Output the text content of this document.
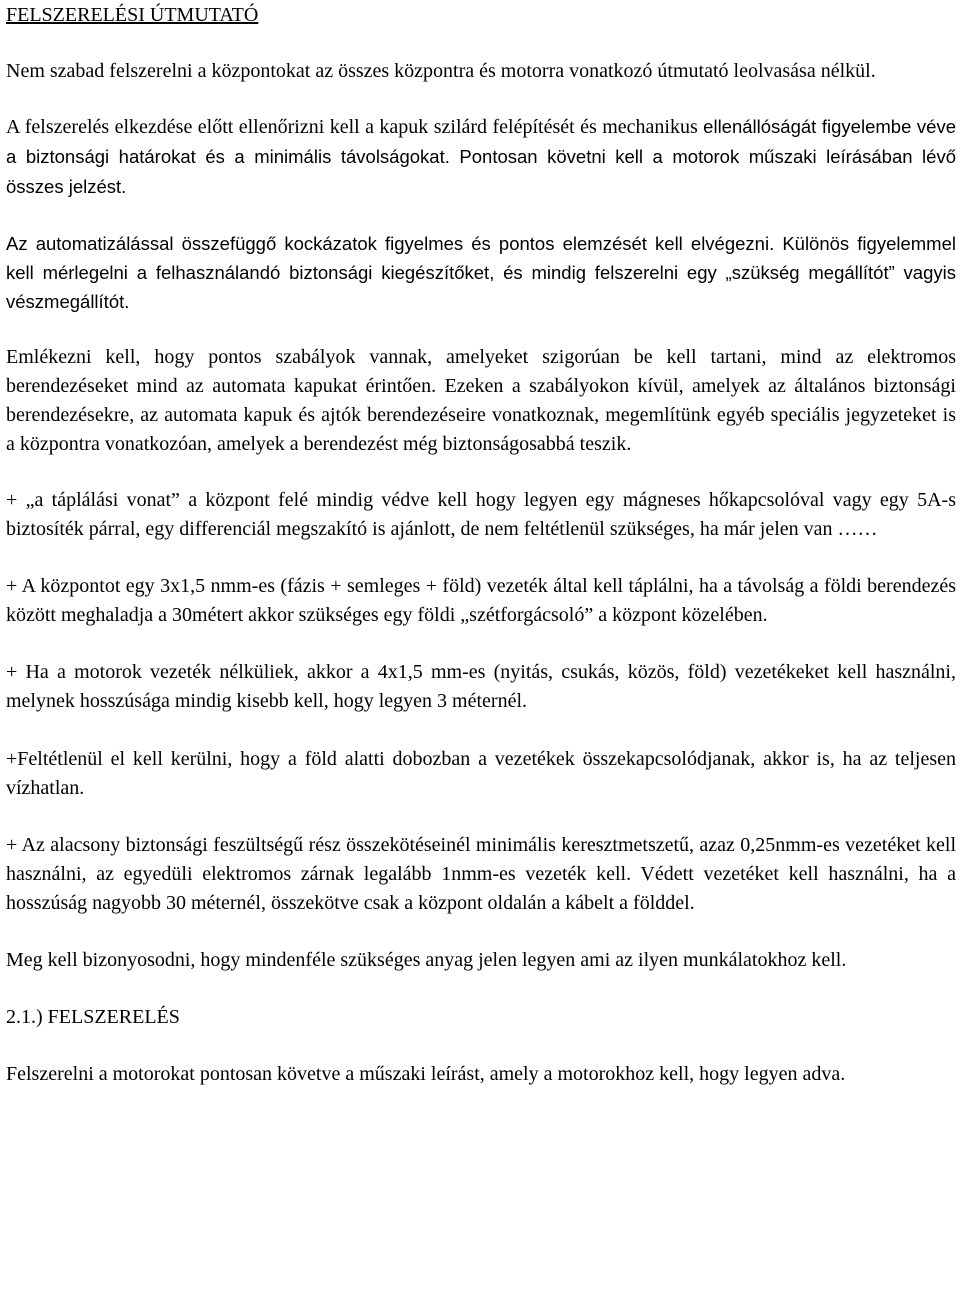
FELSZERELÉSI ÚTMUTATÓ

Nem szabad felszerelni a központokat az összes központra és motorra vonatkozó útmutató leolvasása nélkül.

A felszerelés elkezdése előtt ellenőrizni kell a kapuk szilárd felépítését és mechanikus ellenállóságát figyelembe véve a biztonsági határokat és a minimális távolságokat. Pontosan követni kell a motorok műszaki leírásában lévő összes jelzést.

Az automatizálással összefüggő kockázatok figyelmes és pontos elemzését kell elvégezni. Különös figyelemmel kell mérlegelni a felhasználandó biztonsági kiegészítőket, és mindig felszerelni egy „szükség megállítót” vagyis vészmegállítót.

Emlékezni kell, hogy pontos szabályok vannak, amelyeket szigorúan be kell tartani, mind az elektromos berendezéseket mind az automata kapukat érintően. Ezeken a szabályokon kívül, amelyek az általános biztonsági berendezésekre, az automata kapuk és ajtók berendezéseire vonatkoznak, megemlítünk egyéb speciális jegyzeteket is a központra vonatkozóan, amelyek a berendezést még biztonságosabbá teszik.

+ „a táplálási vonat” a központ felé mindig védve kell hogy legyen egy mágneses hőkapcsolóval vagy egy 5A-s biztosíték párral, egy differenciál megszakító is ajánlott, de nem feltétlenül szükséges, ha már jelen van ……

+ A központot egy 3x1,5 nmm-es (fázis + semleges + föld) vezeték által kell táplálni, ha a távolság a földi berendezés között meghaladja a 30métert akkor szükséges egy földi „szétforgácsoló” a központ közelében.

+ Ha a motorok vezeték nélküliek, akkor a 4x1,5 mm-es (nyitás, csukás, közös, föld) vezetékeket kell használni, melynek hosszúsága mindig kisebb kell, hogy legyen 3 méternél.

+Feltétlenül el kell kerülni, hogy a föld alatti dobozban a vezetékek összekapcsolódjanak, akkor is, ha az teljesen vízhatlan.

+ Az alacsony biztonsági feszültségű rész összekötéseinél minimális keresztmetszetű, azaz 0,25nmm-es vezetéket kell használni, az egyedüli elektromos zárnak legalább 1nmm-es vezeték kell. Védett vezetéket kell használni, ha a hosszúság nagyobb 30 méternél, összekötve csak a központ oldalán a kábelt a földdel.

Meg kell bizonyosodni, hogy mindenféle szükséges anyag jelen legyen ami az ilyen munkálatokhoz kell.

2.1.) FELSZERELÉS

Felszerelni a motorokat pontosan követve a műszaki leírást, amely a motorokhoz kell, hogy legyen adva.
